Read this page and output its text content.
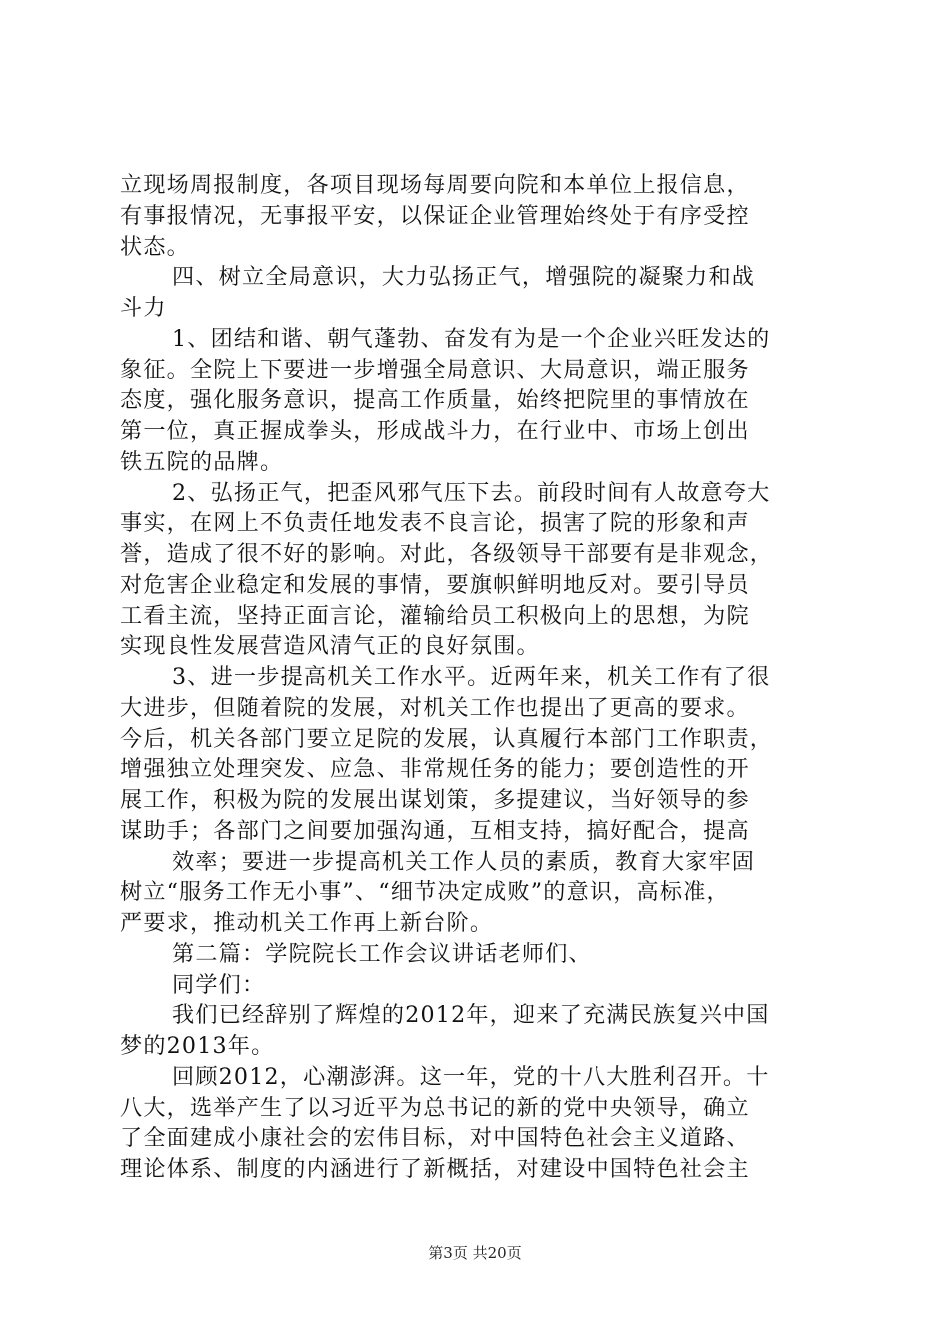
立现场周报制度，各项目现场每周要向院和本单位上报信息，
有事报情况，无事报平安，以保证企业管理始终处于有序受控
状态。
四、树立全局意识，大力弘扬正气，增强院的凝聚力和战
斗力
1、团结和谐、朝气蓬勃、奋发有为是一个企业兴旺发达的
象征。全院上下要进一步增强全局意识、大局意识，端正服务
态度，强化服务意识，提高工作质量，始终把院里的事情放在
第一位，真正握成拳头，形成战斗力，在行业中、市场上创出
铁五院的品牌。
2、弘扬正气，把歪风邪气压下去。前段时间有人故意夸大
事实，在网上不负责任地发表不良言论，损害了院的形象和声
誉，造成了很不好的影响。对此，各级领导干部要有是非观念，
对危害企业稳定和发展的事情，要旗帜鲜明地反对。要引导员
工看主流，坚持正面言论，灌输给员工积极向上的思想，为院
实现良性发展营造风清气正的良好氛围。
3、进一步提高机关工作水平。近两年来，机关工作有了很
大进步，但随着院的发展，对机关工作也提出了更高的要求。
今后，机关各部门要立足院的发展，认真履行本部门工作职责，
增强独立处理突发、应急、非常规任务的能力；要创造性的开
展工作，积极为院的发展出谋划策，多提建议，当好领导的参
谋助手；各部门之间要加强沟通，互相支持，搞好配合，提高
效率；要进一步提高机关工作人员的素质，教育大家牢固
树立“服务工作无小事”、“细节决定成败”的意识，高标准，
严要求，推动机关工作再上新台阶。
第二篇：学院院长工作会议讲话老师们、
同学们：
我们已经辞别了辉煌的2012年，迎来了充满民族复兴中国
梦的2013年。
回顾2012，心潮澎湃。这一年，党的十八大胜利召开。十
八大，选举产生了以习近平为总书记的新的党中央领导，确立
了全面建成小康社会的宏伟目标，对中国特色社会主义道路、
理论体系、制度的内涵进行了新概括，对建设中国特色社会主
第3页 共20页
